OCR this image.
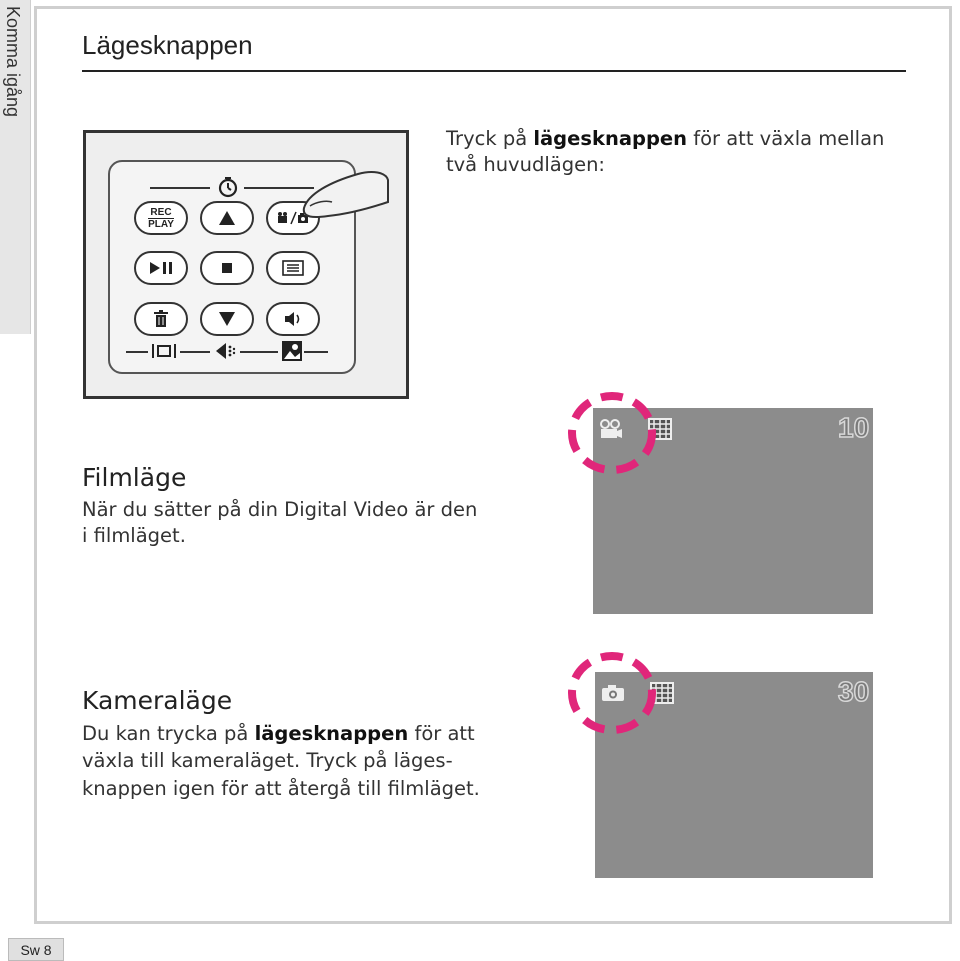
Komma igång Lägesknappen
Tryck på lägesknappen för att växla mellan två huvudlägen:
REC
PLAY
Filmläge
När du sätter på din Digital Video är den
i filmläget.
10
Kameraläge
Du kan trycka på lägesknappen för att
växla till kameraläget. Tryck på läges-
knappen igen för att återgå till filmläget.
30
Sw 8
